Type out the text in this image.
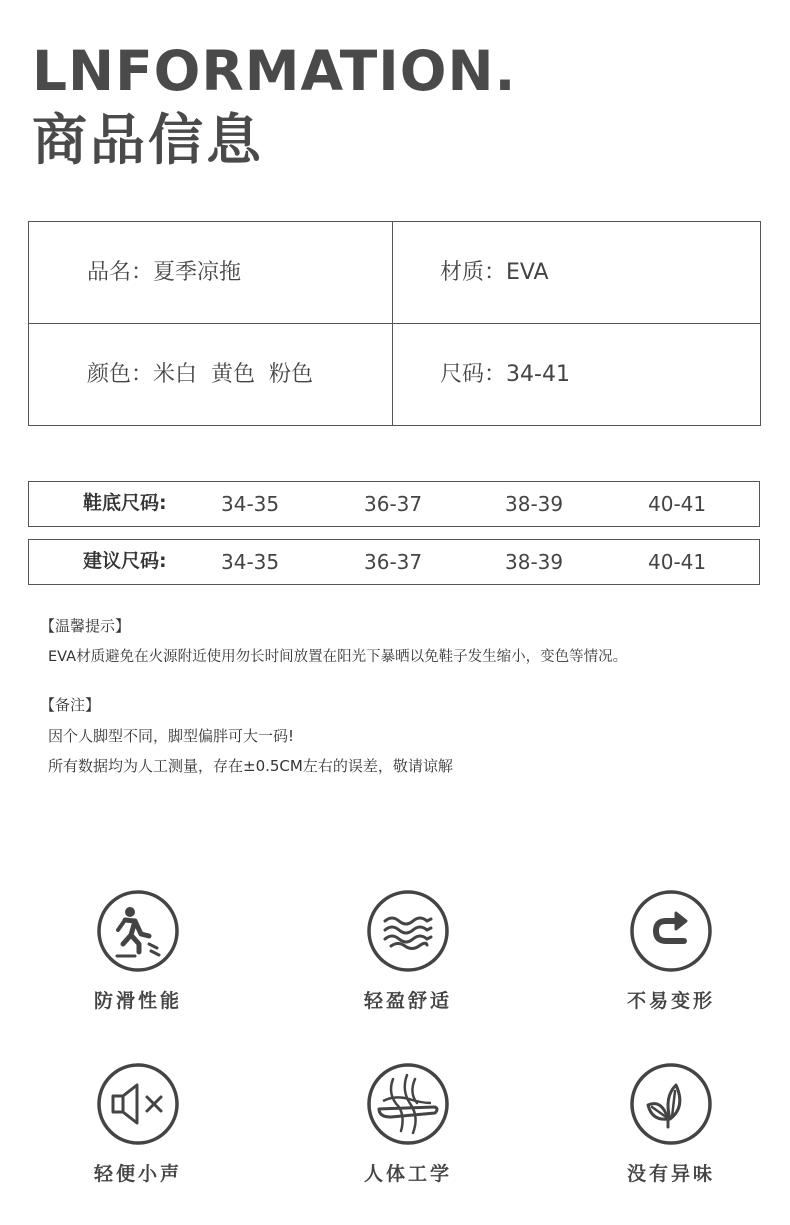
LNFORMATION.
商品信息
品名：夏季凉拖	材质：EVA
颜色：米白  黄色  粉色	尺码：34-41
鞋底尺码:	34-35	36-37	38-39	40-41
建议尺码:	34-35	36-37	38-39	40-41
【温馨提示】
EVA材质避免在火源附近使用勿长时间放置在阳光下暴晒以免鞋子发生缩小，变色等情况。
【备注】
因个人脚型不同，脚型偏胖可大一码!
所有数据均为人工测量，存在±0.5CM左右的误差，敬请谅解
防滑性能	轻盈舒适	不易变形
轻便小声	人体工学	没有异味
